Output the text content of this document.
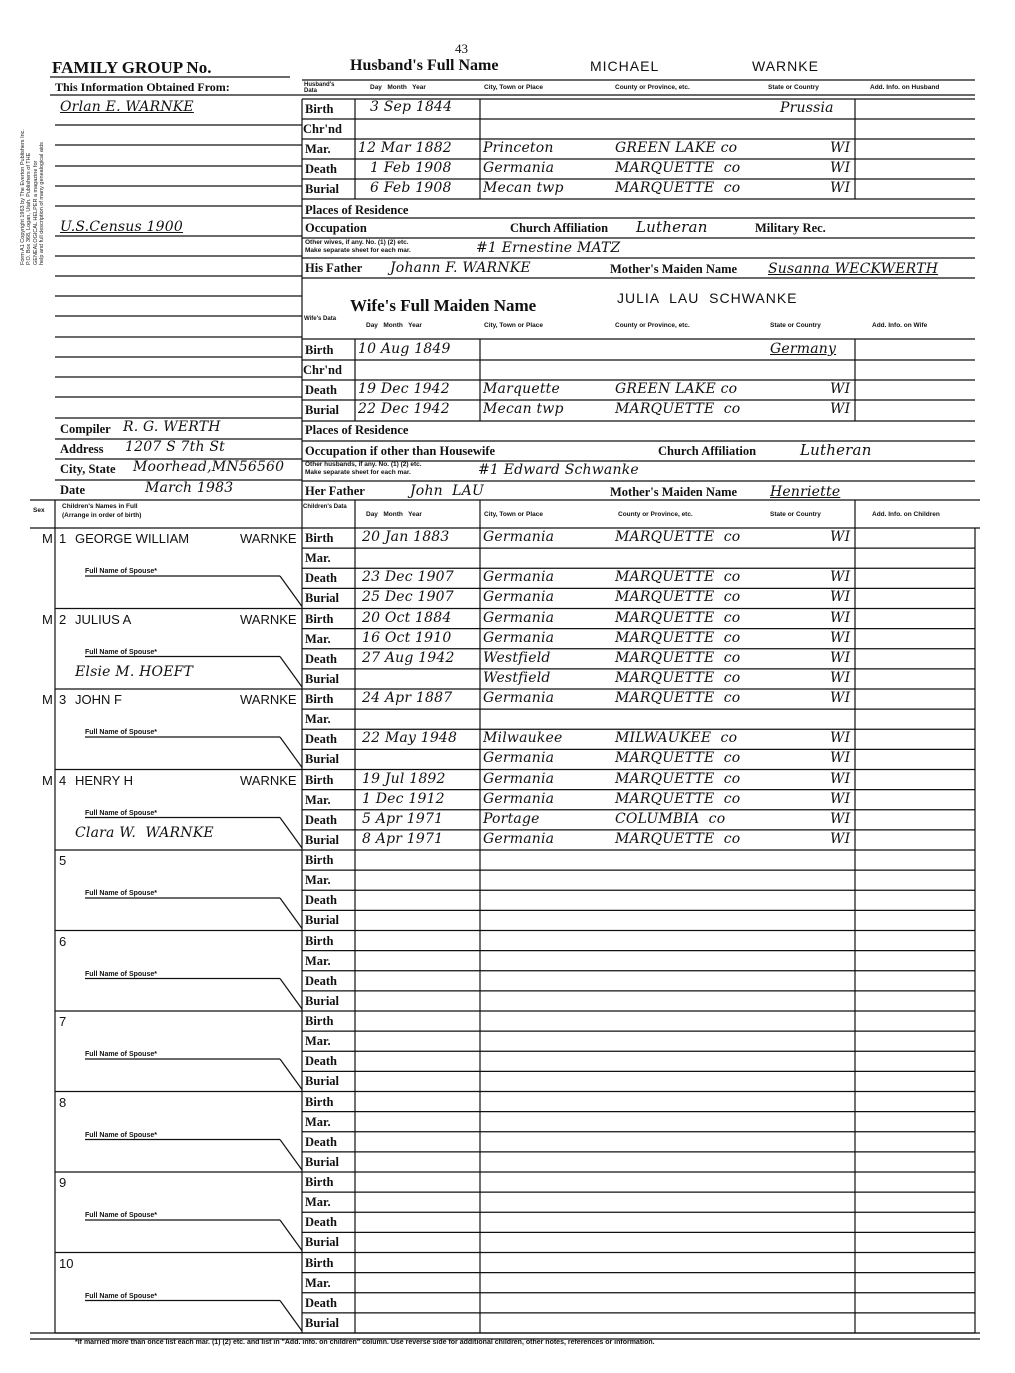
43
FAMILY GROUP No.	Husband's Full Name	MICHAEL	WARNKE
This Information Obtained From:	Husband's Data	Day   Month   Year	City, Town or Place	County or Province, etc.	State or Country	Add. Info. on Husband
Orlan E. WARNKE
U.S.Census 1900
Birth	3 Sep 1844	Prussia
Chr'nd
Mar. 12 Mar 1882 Princeton	GREEN LAKE co	WI
Death 1 Feb 1908 Germania	MARQUETTE  co	WI
Burial 6 Feb 1908 Mecan twp	MARQUETTE  co	WI
Places of Residence
Occupation	Church Affiliation Lutheran	Military Rec.
Other wives, if any. No. (1) (2) etc.
Make separate sheet for each mar.	#1 Ernestine MATZ
His Father Johann F. WARNKE	Mother's Maiden Name Susanna WECKWERTH
Wife's Full Maiden Name	JULIA  LAU  SCHWANKE
Wife's Data
Day   Month   Year	City, Town or Place	County or Province, etc.	State or Country	Add. Info. on Wife
Birth 10 Aug 1849	Germany
Chr'nd
Death 19 Dec 1942 Marquette	GREEN LAKE co	WI
Burial 22 Dec 1942 Mecan twp	MARQUETTE  co	WI
Places of Residence
Occupation if other than Housewife	Church Affiliation	Lutheran
Other husbands, if any. No. (1) (2) etc.
Make separate sheet for each mar.	#1 Edward Schwanke
Her Father	John  LAU	Mother's Maiden Name Henriette
Compiler R. G. WERTH
Address 1207 S 7th St
City, State Moorhead,MN56560
Date	March 1983
Form A1 Copyright 1963 by The Everton Publishers Inc. P.O. Box 368, Logan, Utah. Publishers of THE GENEALOGICAL HELPER a magazine for help and full description of many genealogical aids
Sex
Children's Names in Full
(Arrange in order of birth)
Children's Data
Day   Month   Year	City, Town or Place	County or Province, etc.	State or Country	Add. Info. on Children
M 1 GEORGE WILLIAM	WARNKE
Full Name of Spouse*
Birth 20 Jan 1883 Germania	MARQUETTE  co	WI
Mar.
Death 23 Dec 1907 Germania	MARQUETTE  co	WI
Burial 25 Dec 1907 Germania	MARQUETTE  co	WI
M 2 JULIUS A	WARNKE
Full Name of Spouse*
Elsie M. HOEFT
Birth 20 Oct 1884 Germania	MARQUETTE  co	WI
Mar. 16 Oct 1910 Germania	MARQUETTE  co	WI
Death 27 Aug 1942 Westfield	MARQUETTE  co	WI
Burial	Westfield	MARQUETTE  co	WI
M 3 JOHN F	WARNKE
Full Name of Spouse*
Birth 24 Apr 1887 Germania	MARQUETTE  co	WI
Mar.
Death 22 May 1948 Milwaukee	MILWAUKEE  co	WI
Burial	Germania	MARQUETTE  co	WI
M 4 HENRY H	WARNKE
Full Name of Spouse*
Clara W.  WARNKE
Birth 19 Jul 1892	Germania	MARQUETTE  co	WI
Mar. 1 Dec 1912	Germania	MARQUETTE  co	WI
Death 5 Apr 1971	Portage	COLUMBIA  co	WI
Burial 8 Apr 1971	Germania	MARQUETTE  co	WI
5
Full Name of Spouse*
Birth
Mar.
Death
Burial
6
Full Name of Spouse*
Birth
Mar.
Death
Burial
7
Full Name of Spouse*
Birth
Mar.
Death
Burial
8
Full Name of Spouse*
Birth
Mar.
Death
Burial
9
Full Name of Spouse*
Birth
Mar.
Death
Burial
10
Full Name of Spouse*
Birth
Mar.
Death
Burial
*If married more than once list each mar. (1) (2) etc. and list in "Add. info. on children" column. Use reverse side for additional children, other notes, references or information.
